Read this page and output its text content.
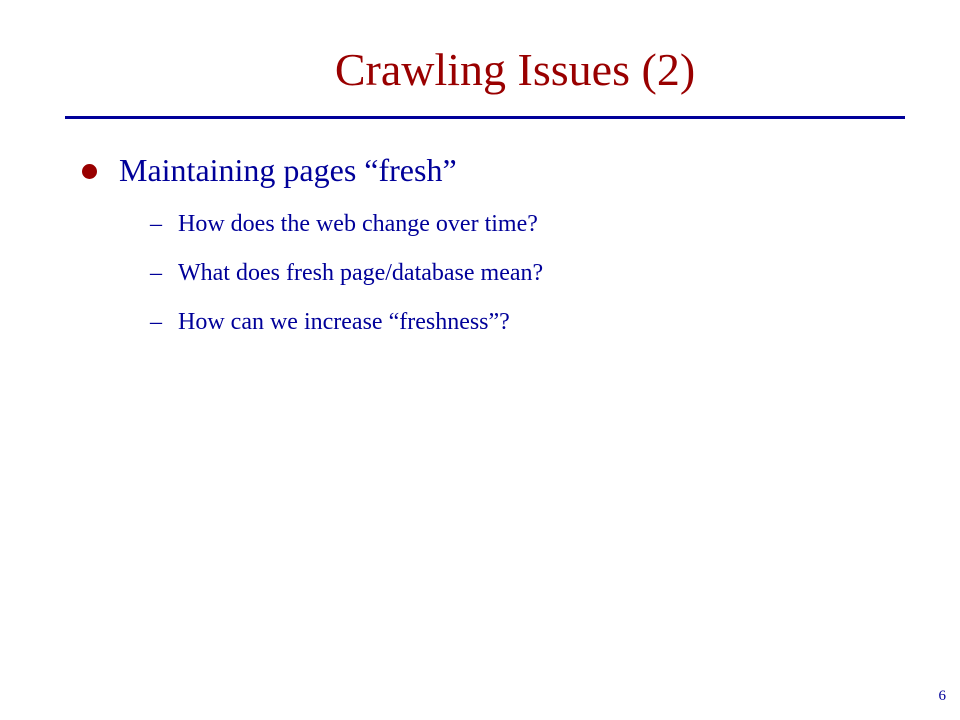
Crawling Issues (2)
Maintaining pages “fresh”
– How does the web change over time?
– What does fresh page/database mean?
– How can we increase “freshness”?
6
